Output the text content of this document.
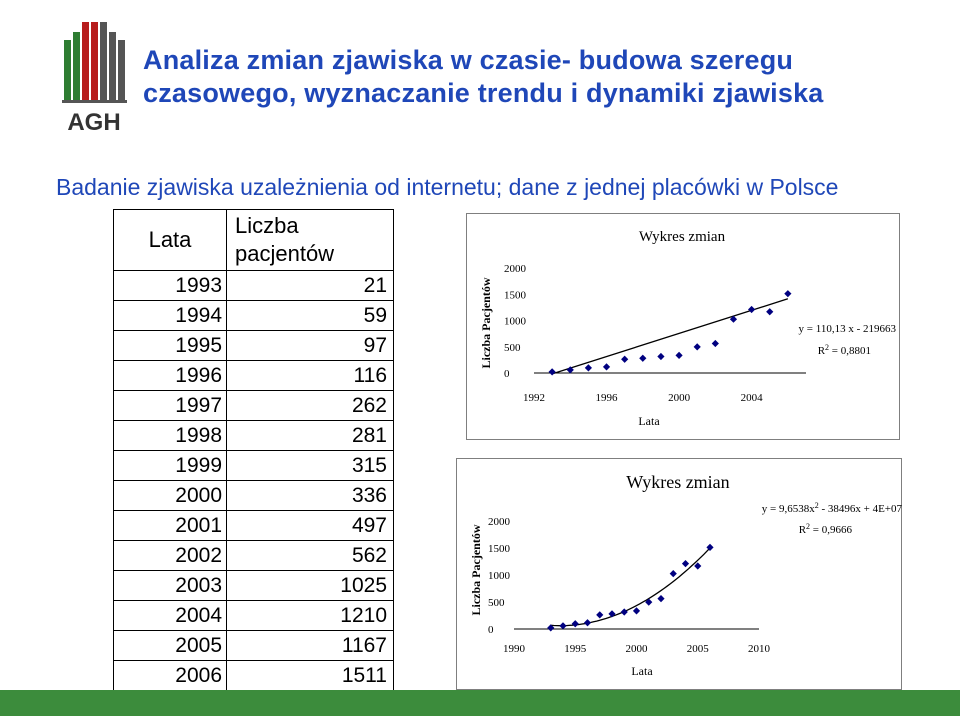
AGH
Analiza zmian zjawiska w czasie- budowa szeregu
czasowego, wyznaczanie trendu i dynamiki zjawiska
Badanie zjawiska uzależnienia od internetu; dane z jednej placówki w Polsce
Lata	Liczba
pacjentów

1993	21
1994	59
1995	97
1996	116
1997	262
1998	281
1999	315
2000	336
2001	497
2002	562
2003	1025
2004	1210
2005	1167
2006	1511
Wykres zmian
0
500
1000
1500
2000
1992	1996	2000	2004
Lata
Liczba Pacjentów	y = 110,13 x - 219663
$R^2 = 0,8801$
Wykres zmian
0
500
1000
1500
2000
1990	1995	2000	2005	2010
Lata
Liczba Pacjentów
$y = 9,6538x^2 - 38496x + 4E+07$
$R^2 = 0,9666$
